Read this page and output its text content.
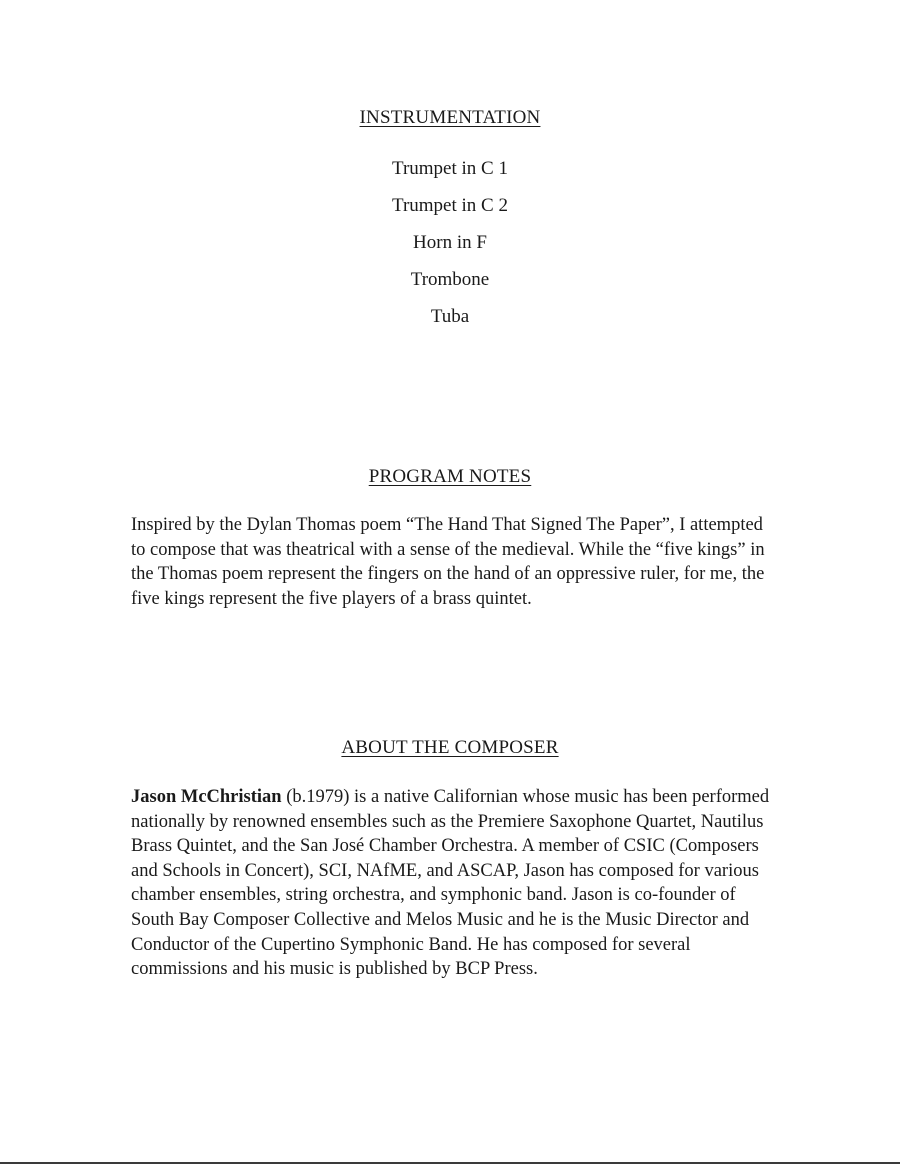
INSTRUMENTATION
Trumpet in C 1
Trumpet in C 2
Horn in F
Trombone
Tuba
PROGRAM NOTES

Inspired by the Dylan Thomas poem “The Hand That Signed The Paper”, I attempted to compose that was theatrical with a sense of the medieval. While the “five kings” in the Thomas poem represent the fingers on the hand of an oppressive ruler, for me, the five kings represent the five players of a brass quintet.

ABOUT THE COMPOSER

Jason McChristian (b.1979) is a native Californian whose music has been performed nationally by renowned ensembles such as the Premiere Saxophone Quartet, Nautilus Brass Quintet, and the San José Chamber Orchestra. A member of CSIC (Composers and Schools in Concert), SCI, NAfME, and ASCAP, Jason has composed for various chamber ensembles, string orchestra, and symphonic band. Jason is co-founder of South Bay Composer Collective and Melos Music and he is the Music Director and Conductor of the Cupertino Symphonic Band. He has composed for several commissions and his music is published by BCP Press.
